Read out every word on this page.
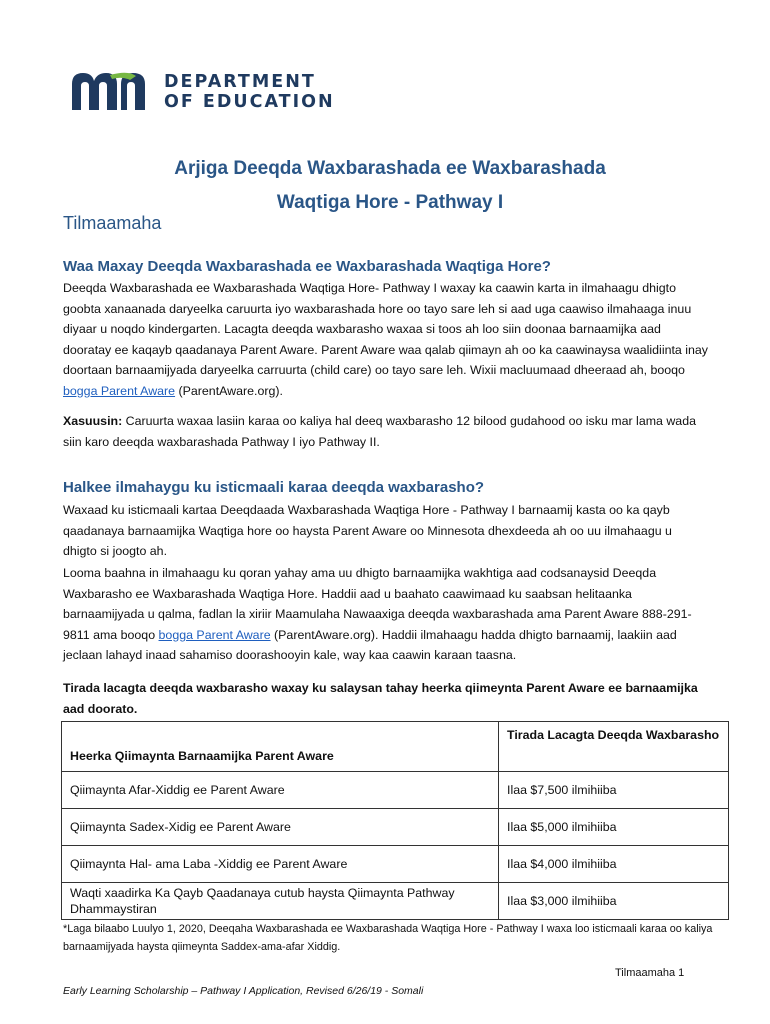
DEPARTMENT
OF EDUCATION
Arjiga Deeqda Waxbarashada ee Waxbarashada
Waqtiga Hore - Pathway I
Tilmaamaha
Waa Maxay Deeqda Waxbarashada ee Waxbarashada Waqtiga Hore?
Deeqda Waxbarashada ee Waxbarashada Waqtiga Hore- Pathway I waxay ka caawin karta in ilmahaagu dhigto goobta xanaanada daryeelka caruurta iyo waxbarashada hore oo tayo sare leh si aad uga caawiso ilmahaaga inuu diyaar u noqdo kindergarten. Lacagta deeqda waxbarasho waxaa si toos ah loo siin doonaa barnaamijka aad dooratay ee kaqayb qaadanaya Parent Aware. Parent Aware waa qalab qiimayn ah oo ka caawinaysa waalidiinta inay doortaan barnaamijyada daryeelka carruurta (child care) oo tayo sare leh. Wixii macluumaad dheeraad ah, booqo bogga Parent Aware (ParentAware.org).
Xasuusin: Caruurta waxaa lasiin karaa oo kaliya hal deeq waxbarasho 12 bilood gudahood oo isku mar lama wada siin karo deeqda waxbarashada Pathway I iyo Pathway II.
Halkee ilmahaygu ku isticmaali karaa deeqda waxbarasho?
Waxaad ku isticmaali kartaa Deeqdaada Waxbarashada Waqtiga Hore - Pathway I barnaamij kasta oo ka qayb qaadanaya barnaamijka Waqtiga hore oo haysta Parent Aware oo Minnesota dhexdeeda ah oo uu ilmahaagu u dhigto si joogto ah.
Looma baahna in ilmahaagu ku qoran yahay ama uu dhigto barnaamijka wakhtiga aad codsanaysid Deeqda Waxbarasho ee Waxbarashada Waqtiga Hore. Haddii aad u baahato caawimaad ku saabsan helitaanka barnaamijyada u qalma, fadlan la xiriir Maamulaha Nawaaxiga deeqda waxbarashada ama Parent Aware 888-291-9811 ama booqo bogga Parent Aware (ParentAware.org). Haddii ilmahaagu hadda dhigto barnaamij, laakiin aad jeclaan lahayd inaad sahamiso doorashooyin kale, way kaa caawin karaan taasna.
Tirada lacagta deeqda waxbarasho waxay ku salaysan tahay heerka qiimeynta Parent Aware ee barnaamijka aad doorato.
Heerka Qiimaynta Barnaamijka Parent Aware	Tirada Lacagta Deeqda Waxbarasho
Qiimaynta Afar-Xiddig ee Parent Aware	Ilaa $7,500 ilmihiiba
Qiimaynta Sadex-Xidig ee Parent Aware	Ilaa $5,000 ilmihiiba
Qiimaynta Hal- ama Laba -Xiddig ee Parent Aware	Ilaa $4,000 ilmihiiba
Waqti xaadirka Ka Qayb Qaadanaya cutub haysta Qiimaynta Pathway Dhammaystiran	Ilaa $3,000 ilmihiiba
*Laga bilaabo Luulyo 1, 2020, Deeqaha Waxbarashada ee Waxbarashada Waqtiga Hore - Pathway I waxa loo isticmaali karaa oo kaliya barnaamijyada haysta qiimeynta Saddex-ama-afar Xiddig.
Tilmaamaha 1
Early Learning Scholarship – Pathway I Application, Revised 6/26/19 - Somali
